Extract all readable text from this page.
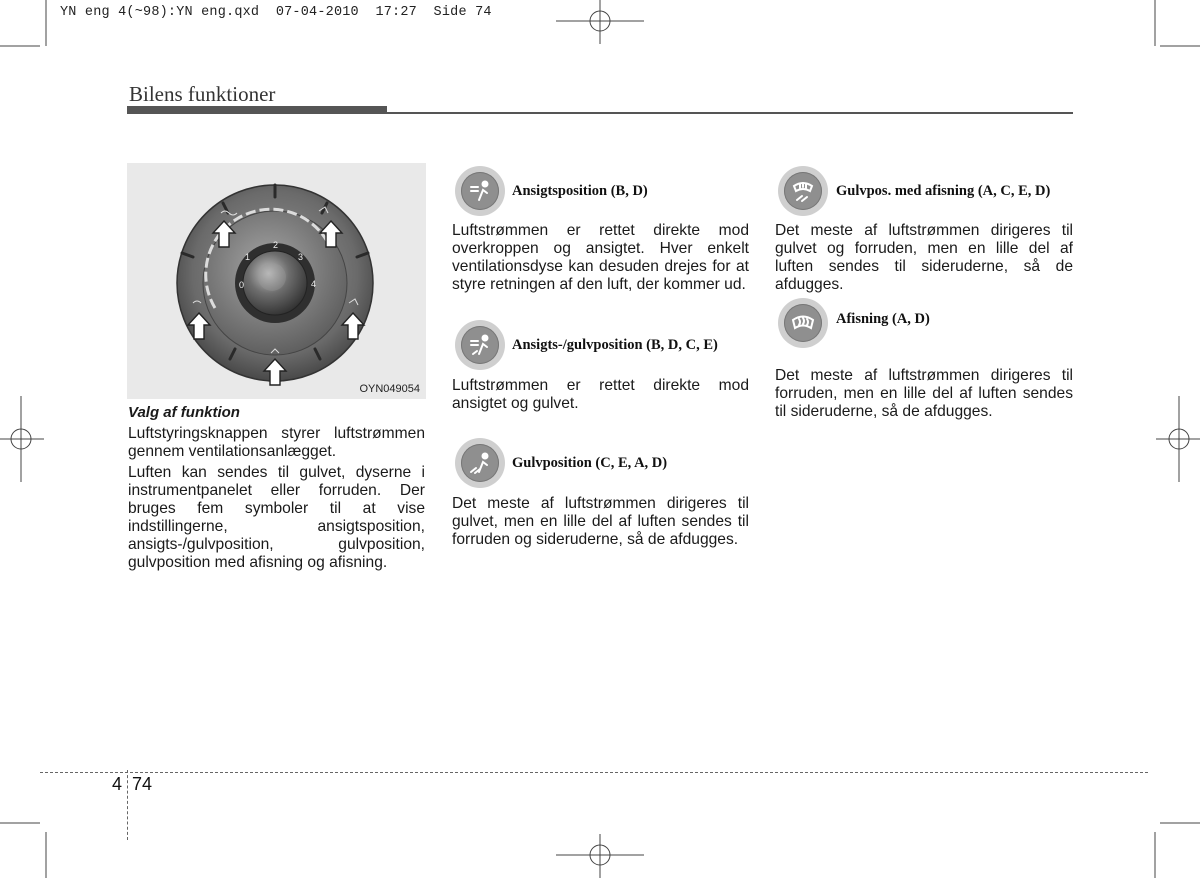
YN eng 4(~98):YN eng.qxd  07-04-2010  17:27  Side 74
Bilens funktioner
0
1
2
3
4
OYN049054

Valg af funktion

Luftstyringsknappen styrer luftstrømmen gennem ventilationsanlægget.

Luften kan sendes til gulvet, dyserne i instrumentpanelet eller forruden. Der bruges fem symboler til at vise indstillingerne, ansigtsposition, ansigts-/gulvposition, gulvposition, gulvposition med afisning og afisning.

Ansigtsposition (B, D)
Luftstrømmen er rettet direkte mod overkroppen og ansigtet. Hver enkelt ventilationsdyse kan desuden drejes for at styre retningen af den luft, der kommer ud.
Ansigts-/gulvposition (B, D, C, E)
Luftstrømmen er rettet direkte mod ansigtet og gulvet.
Gulvposition (C, E, A, D)
Det meste af luftstrømmen dirigeres til gulvet, men en lille del af luften sendes til forruden og sideruderne, så de afdugges.
Gulvpos. med afisning (A, C, E, D)
Det meste af luftstrømmen dirigeres til gulvet og forruden, men en lille del af luften sendes til sideruderne, så de afdugges.
Afisning (A, D)
Det meste af luftstrømmen dirigeres til forruden, men en lille del af luften sendes til sideruderne, så de afdugges.
4 74
